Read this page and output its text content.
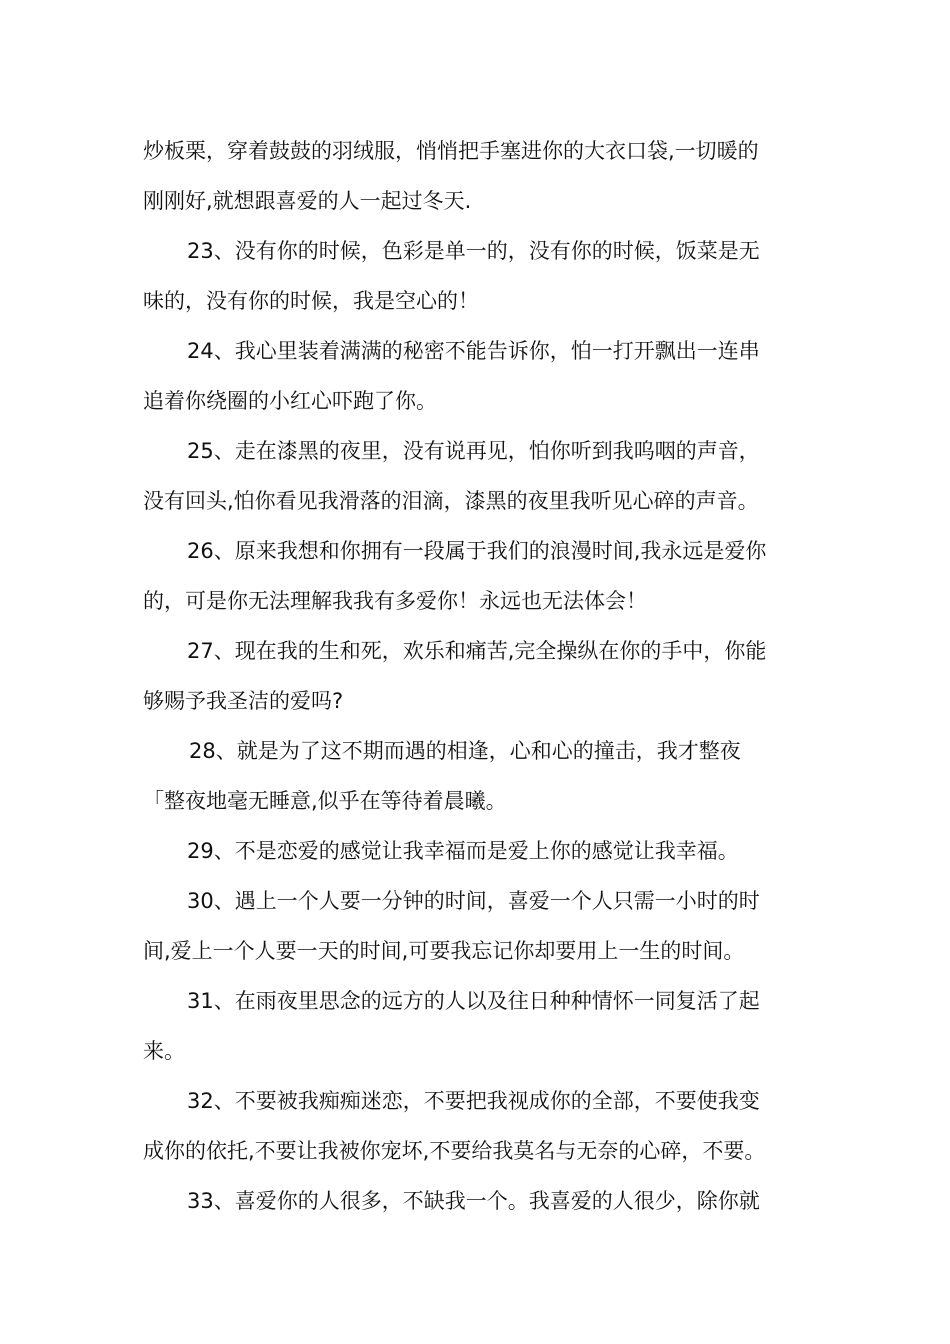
炒板栗，穿着鼓鼓的羽绒服，悄悄把手塞进你的大衣口袋,一切暖的
刚刚好,就想跟喜爱的人一起过冬天.
23、没有你的时候，色彩是单一的，没有你的时候，饭菜是无
味的，没有你的时候，我是空心的！
24、我心里装着满满的秘密不能告诉你，怕一打开飘出一连串
追着你绕圈的小红心吓跑了你。
25、走在漆黑的夜里，没有说再见，怕你听到我呜咽的声音，
没有回头,怕你看见我滑落的泪滴，漆黑的夜里我听见心碎的声音。
26、原来我想和你拥有一段属于我们的浪漫时间,我永远是爱你
的，可是你无法理解我我有多爱你！永远也无法体会！
27、现在我的生和死，欢乐和痛苦,完全操纵在你的手中，你能
够赐予我圣洁的爱吗?
28、就是为了这不期而遇的相逢，心和心的撞击，我才整夜
「整夜地毫无睡意,似乎在等待着晨曦。
29、不是恋爱的感觉让我幸福而是爱上你的感觉让我幸福。
30、遇上一个人要一分钟的时间，喜爱一个人只需一小时的时
间,爱上一个人要一天的时间,可要我忘记你却要用上一生的时间。
31、在雨夜里思念的远方的人以及往日种种情怀一同复活了起
来。
32、不要被我痴痴迷恋，不要把我视成你的全部，不要使我变
成你的依托,不要让我被你宠坏,不要给我莫名与无奈的心碎，不要。
33、喜爱你的人很多，不缺我一个。我喜爱的人很少，除你就
